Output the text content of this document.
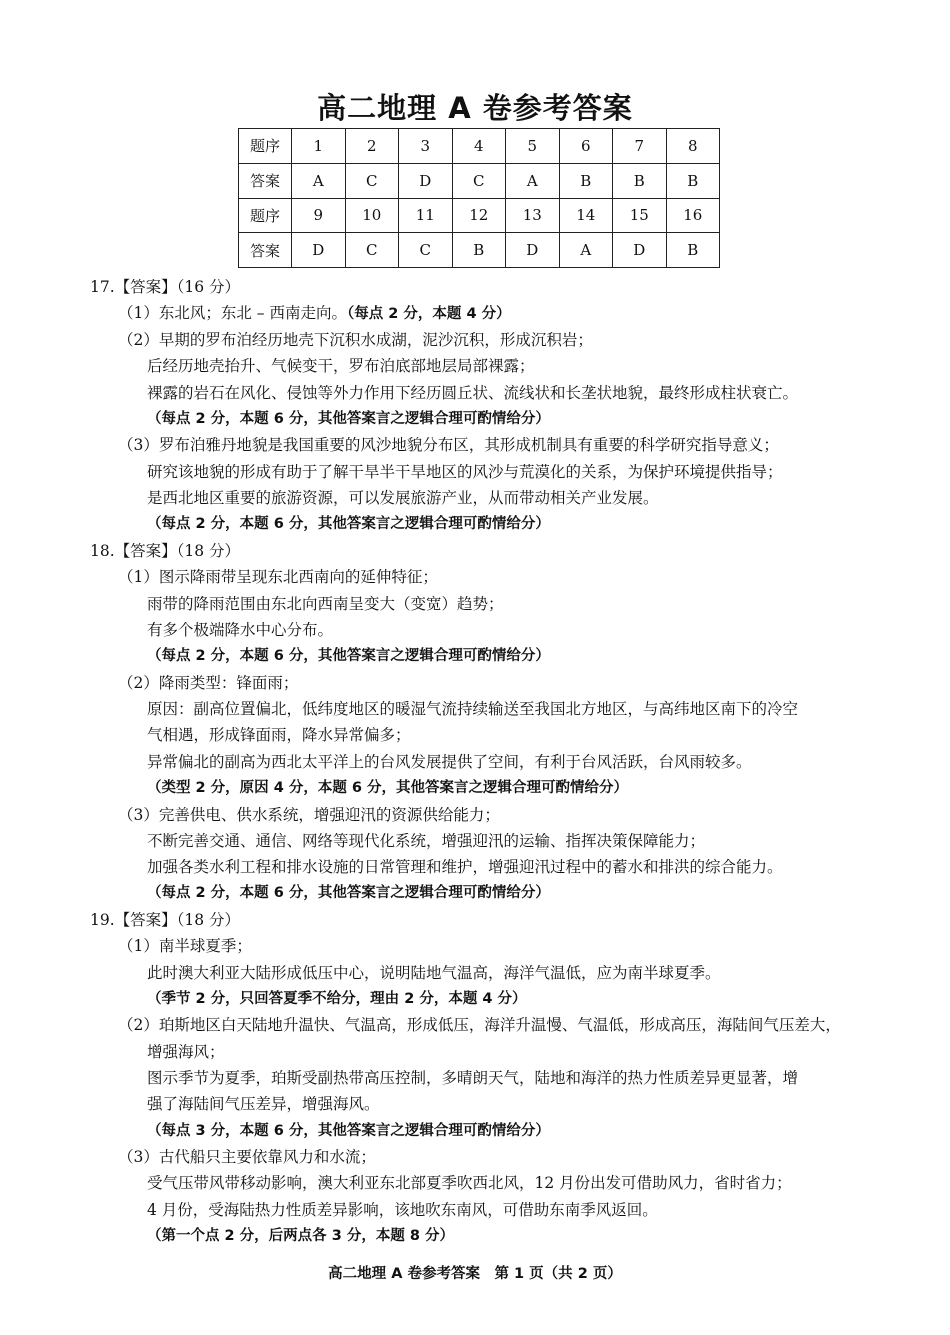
高二地理 A 卷参考答案
题序	1	2	3	4	5	6	7	8
答案	A	C	D	C	A	B	B	B
题序	9	10	11	12	13	14	15	16
答案	D	C	C	B	D	A	D	B
17.【答案】（16 分）
（1）东北风；东北 – 西南走向。（每点 2 分，本题 4 分）
（2）早期的罗布泊经历地壳下沉积水成湖，泥沙沉积，形成沉积岩；
后经历地壳抬升、气候变干，罗布泊底部地层局部裸露；
裸露的岩石在风化、侵蚀等外力作用下经历圆丘状、流线状和长垄状地貌，最终形成柱状衰亡。
（每点 2 分，本题 6 分，其他答案言之逻辑合理可酌情给分）
（3）罗布泊雅丹地貌是我国重要的风沙地貌分布区，其形成机制具有重要的科学研究指导意义；
研究该地貌的形成有助于了解干旱半干旱地区的风沙与荒漠化的关系，为保护环境提供指导；
是西北地区重要的旅游资源，可以发展旅游产业，从而带动相关产业发展。
（每点 2 分，本题 6 分，其他答案言之逻辑合理可酌情给分）
18.【答案】（18 分）
（1）图示降雨带呈现东北西南向的延伸特征；
雨带的降雨范围由东北向西南呈变大（变宽）趋势；
有多个极端降水中心分布。
（每点 2 分，本题 6 分，其他答案言之逻辑合理可酌情给分）
（2）降雨类型：锋面雨；
原因：副高位置偏北，低纬度地区的暖湿气流持续输送至我国北方地区，与高纬地区南下的冷空
气相遇，形成锋面雨，降水异常偏多；
异常偏北的副高为西北太平洋上的台风发展提供了空间，有利于台风活跃，台风雨较多。
（类型 2 分，原因 4 分，本题 6 分，其他答案言之逻辑合理可酌情给分）
（3）完善供电、供水系统，增强迎汛的资源供给能力；
不断完善交通、通信、网络等现代化系统，增强迎汛的运输、指挥决策保障能力；
加强各类水利工程和排水设施的日常管理和维护，增强迎汛过程中的蓄水和排洪的综合能力。
（每点 2 分，本题 6 分，其他答案言之逻辑合理可酌情给分）
19.【答案】（18 分）
（1）南半球夏季；
此时澳大利亚大陆形成低压中心，说明陆地气温高，海洋气温低，应为南半球夏季。
（季节 2 分，只回答夏季不给分，理由 2 分，本题 4 分）
（2）珀斯地区白天陆地升温快、气温高，形成低压，海洋升温慢、气温低，形成高压，海陆间气压差大，
增强海风；
图示季节为夏季，珀斯受副热带高压控制，多晴朗天气，陆地和海洋的热力性质差异更显著，增
强了海陆间气压差异，增强海风。
（每点 3 分，本题 6 分，其他答案言之逻辑合理可酌情给分）
（3）古代船只主要依靠风力和水流；
受气压带风带移动影响，澳大利亚东北部夏季吹西北风，12 月份出发可借助风力，省时省力；
4 月份，受海陆热力性质差异影响，该地吹东南风，可借助东南季风返回。
（第一个点 2 分，后两点各 3 分，本题 8 分）
高二地理 A 卷参考答案　第 1 页（共 2 页）
